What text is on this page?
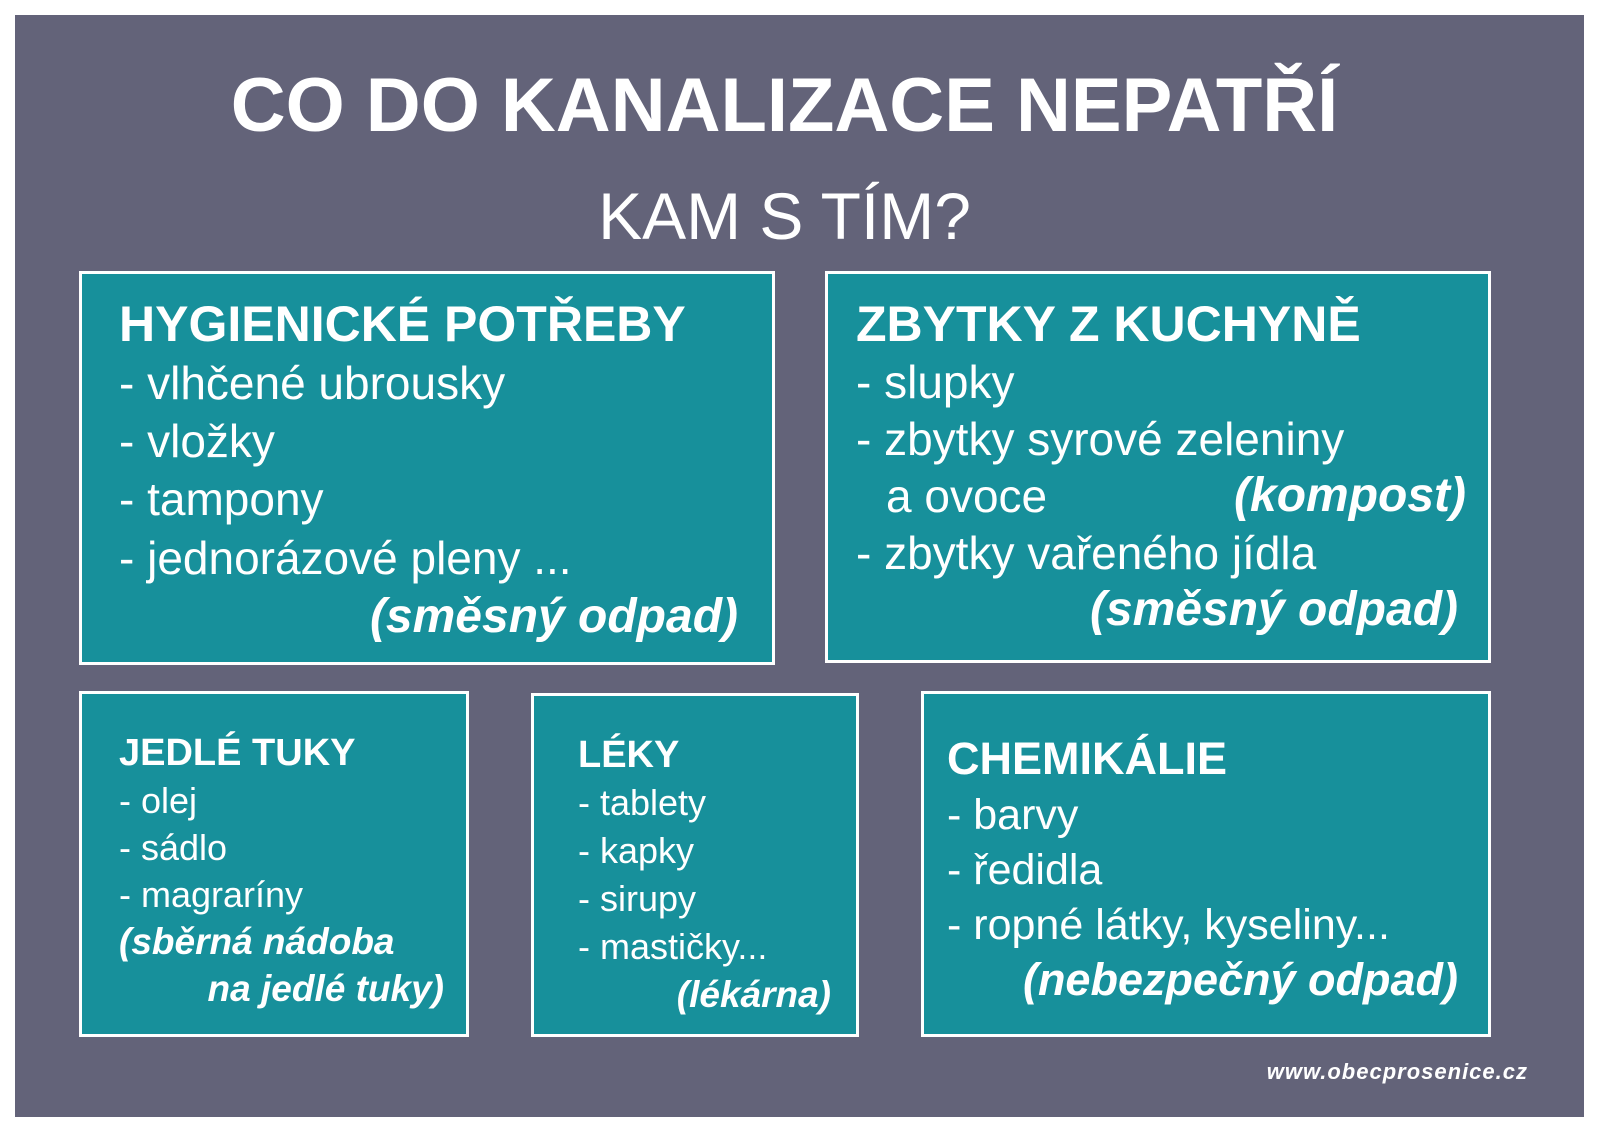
CO DO KANALIZACE NEPATŘÍ
KAM S TÍM?
HYGIENICKÉ POTŘEBY
- vlhčené ubrousky
- vložky
- tampony
- jednorázové pleny ...
(směsný odpad)
ZBYTKY Z KUCHYNĚ
- slupky
- zbytky syrové zeleniny
a ovoce	(kompost)
- zbytky vařeného jídla
(směsný odpad)
JEDLÉ TUKY
- olej
- sádlo
- magraríny
(sběrná nádoba
na jedlé tuky)
LÉKY
- tablety
- kapky
- sirupy
- mastičky...
(lékárna)
CHEMIKÁLIE
- barvy
- ředidla
- ropné látky, kyseliny...
(nebezpečný odpad)
www.obecprosenice.cz
